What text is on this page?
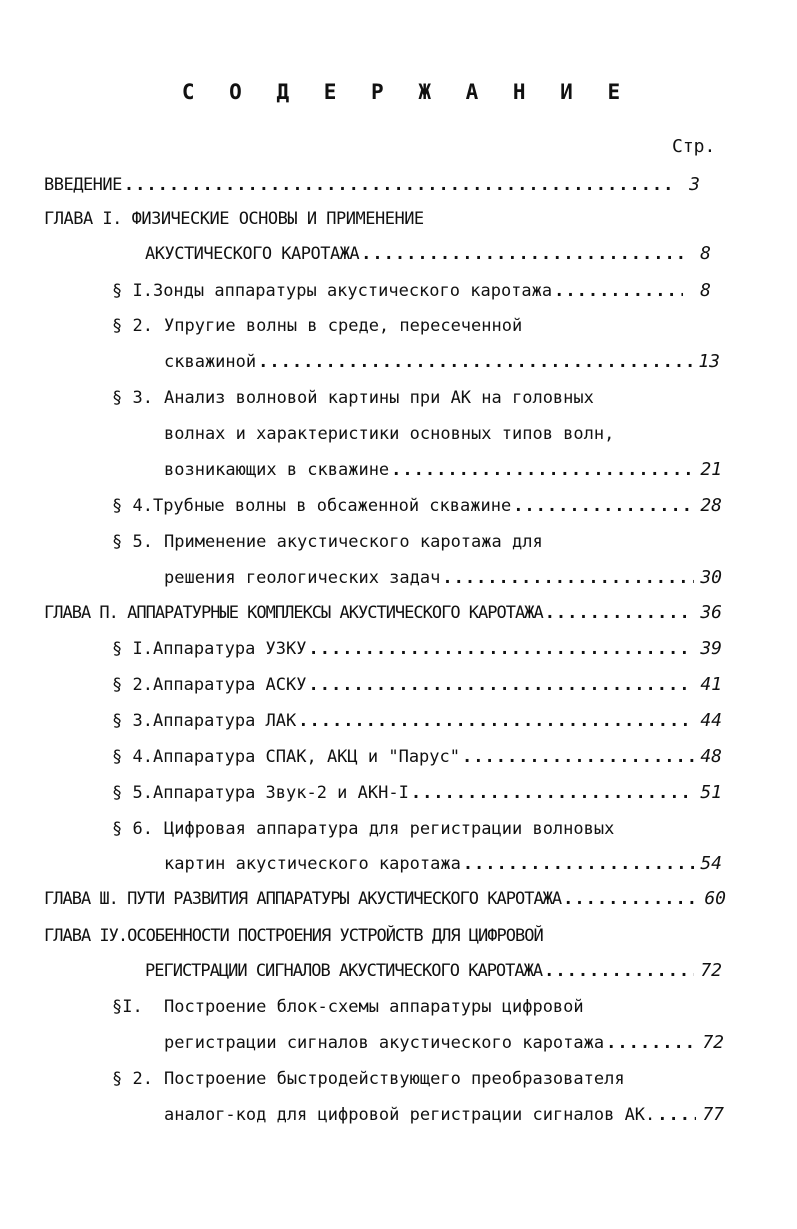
С О Д Е Р Ж А Н И Е
Стр.
ВВЕДЕНИЕ .....	3
ГЛАВА I. ФИЗИЧЕСКИЕ ОСНОВЫ И ПРИМЕНЕНИЕ
АКУСТИЧЕСКОГО КАРОТАЖА .....	8
§ I. Зонды аппаратуры акустического каротажа .....	8
§ 2. Упругие волны в среде, пересеченной
скважиной .....	13
§ 3. Анализ волновой картины при АК на головных
волнах и характеристики основных типов волн,
возникающих в скважине .....	21
§ 4. Трубные волны в обсаженной скважине .....	28
§ 5. Применение акустического каротажа для
решения геологических задач .....	30
ГЛАВА П. АППАРАТУРНЫЕ КОМПЛЕКСЫ АКУСТИЧЕСКОГО КАРОТАЖА .....	36
§ I. Аппаратура УЗКУ .....	39
§ 2. Аппаратура АСКУ .....	41
§ 3. Аппаратура ЛАК .....	44
§ 4. Аппаратура СПАК, АКЦ и "Парус" .....	48
§ 5. Аппаратура Звук-2 и АКН-I .....	51
§ 6. Цифровая аппаратура для регистрации волновых
картин акустического каротажа .....	54
ГЛАВА Ш. ПУТИ РАЗВИТИЯ АППАРАТУРЫ АКУСТИЧЕСКОГО КАРОТАЖА .....	60
ГЛАВА IУ.ОСОБЕННОСТИ ПОСТРОЕНИЯ УСТРОЙСТВ ДЛЯ ЦИФРОВОЙ
РЕГИСТРАЦИИ СИГНАЛОВ АКУСТИЧЕСКОГО КАРОТАЖА .....	72
§I.	Построение блок-схемы аппаратуры цифровой
регистрации сигналов акустического каротажа .....	72
§ 2. Построение быстродействующего преобразователя
аналог-код для цифровой регистрации сигналов АК. .....	77
